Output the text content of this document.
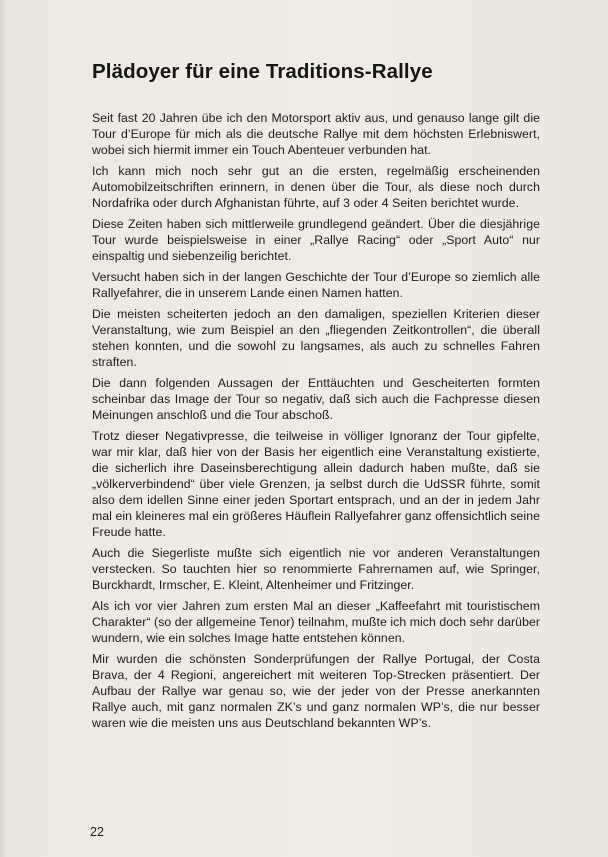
Plädoyer für eine Traditions-Rallye

Seit fast 20 Jahren übe ich den Motorsport aktiv aus, und genauso lange gilt die Tour d’Europe für mich als die deutsche Rallye mit dem höchsten Erlebniswert, wobei sich hiermit immer ein Touch Abenteuer verbunden hat.

Ich kann mich noch sehr gut an die ersten, regelmäßig erscheinenden Automobilzeitschriften erinnern, in denen über die Tour, als diese noch durch Nordafrika oder durch Afghanistan führte, auf 3 oder 4 Seiten berichtet wurde.

Diese Zeiten haben sich mittlerweile grundlegend geändert. Über die diesjährige Tour wurde beispielsweise in einer „Rallye Racing“ oder „Sport Auto“ nur einspaltig und siebenzeilig berichtet.

Versucht haben sich in der langen Geschichte der Tour d’Europe so ziemlich alle Rallyefahrer, die in unserem Lande einen Namen hatten.

Die meisten scheiterten jedoch an den damaligen, speziellen Kriterien dieser Veranstaltung, wie zum Beispiel an den „fliegenden Zeitkontrollen“, die überall stehen konnten, und die sowohl zu langsames, als auch zu schnelles Fahren straften.

Die dann folgenden Aussagen der Enttäuchten und Gescheiterten formten scheinbar das Image der Tour so negativ, daß sich auch die Fachpresse diesen Meinungen anschloß und die Tour abschoß.

Trotz dieser Negativpresse, die teilweise in völliger Ignoranz der Tour gipfelte, war mir klar, daß hier von der Basis her eigentlich eine Veranstaltung existierte, die sicherlich ihre Daseinsberechtigung allein dadurch haben mußte, daß sie „völkerverbindend“ über viele Grenzen, ja selbst durch die UdSSR führte, somit also dem idellen Sinne einer jeden Sportart entsprach, und an der in jedem Jahr mal ein kleineres mal ein größeres Häuflein Rallyefahrer ganz offensichtlich seine Freude hatte.

Auch die Siegerliste mußte sich eigentlich nie vor anderen Veranstaltungen verstecken. So tauchten hier so renommierte Fahrernamen auf, wie Springer, Burckhardt, Irmscher, E. Kleint, Altenheimer und Fritzinger.

Als ich vor vier Jahren zum ersten Mal an dieser „Kaffeefahrt mit touristischem Charakter“ (so der allgemeine Tenor) teilnahm, mußte ich mich doch sehr darüber wundern, wie ein solches Image hatte entstehen können.

Mir wurden die schönsten Sonderprüfungen der Rallye Portugal, der Costa Brava, der 4 Regioni, angereichert mit weiteren Top-Strecken präsentiert. Der Aufbau der Rallye war genau so, wie der jeder von der Presse anerkannten Rallye auch, mit ganz normalen ZK’s und ganz normalen WP’s, die nur besser waren wie die meisten uns aus Deutschland bekannten WP’s.

22
